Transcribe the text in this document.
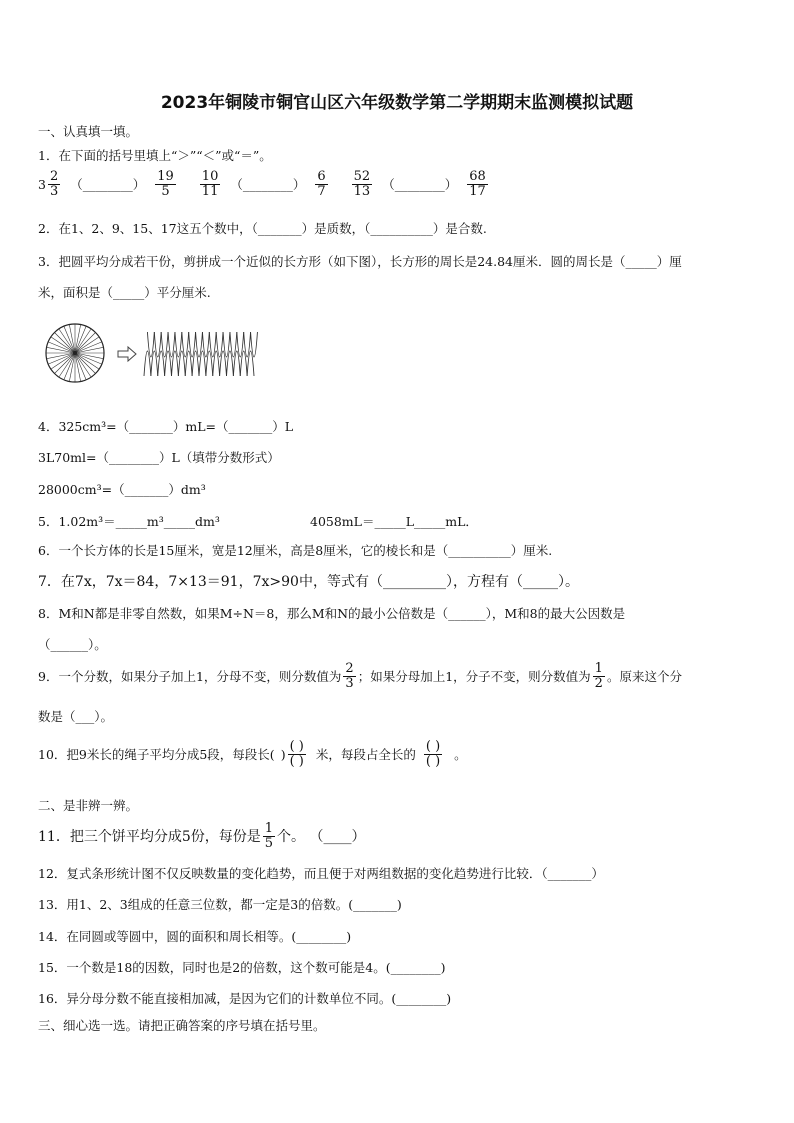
2023年铜陵市铜官山区六年级数学第二学期期末监测模拟试题
一、认真填一填。
1．在下面的括号里填上“＞”“＜”或“＝”。
$3 \frac{2}{3}$ （________） $\frac{19}{5} \frac{10}{11}$ （________） $\frac{6}{7} \frac{52}{13}$ （________） $\frac{68}{17}$
2．在1、2、9、15、17这五个数中，（_______）是质数，（__________）是合数.
3．把圆平均分成若干份，剪拼成一个近似的长方形（如下图），长方形的周长是24.84厘米．圆的周长是（_____）厘
米，面积是（_____）平分厘米.
4．325cm³=（_______）mL=（_______）L
3L70ml=（________）L（填带分数形式）
28000cm³=（_______）dm³
5．1.02m³＝_____m³_____dm³	4058mL＝_____L_____mL．
6．一个长方体的长是15厘米，宽是12厘米，高是8厘米，它的棱长和是（__________）厘米.
7．在7x，7x＝84，7×13＝91，7x>90中，等式有（_________），方程有（_____）。
8．M和N都是非零自然数，如果M÷N＝8，那么M和N的最小公倍数是（______），M和8的最大公因数是
（______）。
9．一个分数，如果分子加上1，分母不变，则分数值为 $\frac{2}{3}$ ；如果分母加上1，分子不变，则分数值为 $\frac{1}{2}$ 。原来这个分
数是（___）。
10．把9米长的绳子平均分成5段，每段长( ) $\frac{( )}{( )}$ 米，每段占全长的 $\frac{( )}{( )}$ 。
二、是非辨一辨。
11．把三个饼平均分成5份，每份是 $\frac{1}{5}$ 个。 （____）
12．复式条形统计图不仅反映数量的变化趋势，而且便于对两组数据的变化趋势进行比较．（_______）
13．用1、2、3组成的任意三位数，都一定是3的倍数。(_______)
14．在同圆或等圆中，圆的面积和周长相等。(________)
15．一个数是18的因数，同时也是2的倍数，这个数可能是4。(________)
16．异分母分数不能直接相加减，是因为它们的计数单位不同。(________)
三、细心选一选。请把正确答案的序号填在括号里。
